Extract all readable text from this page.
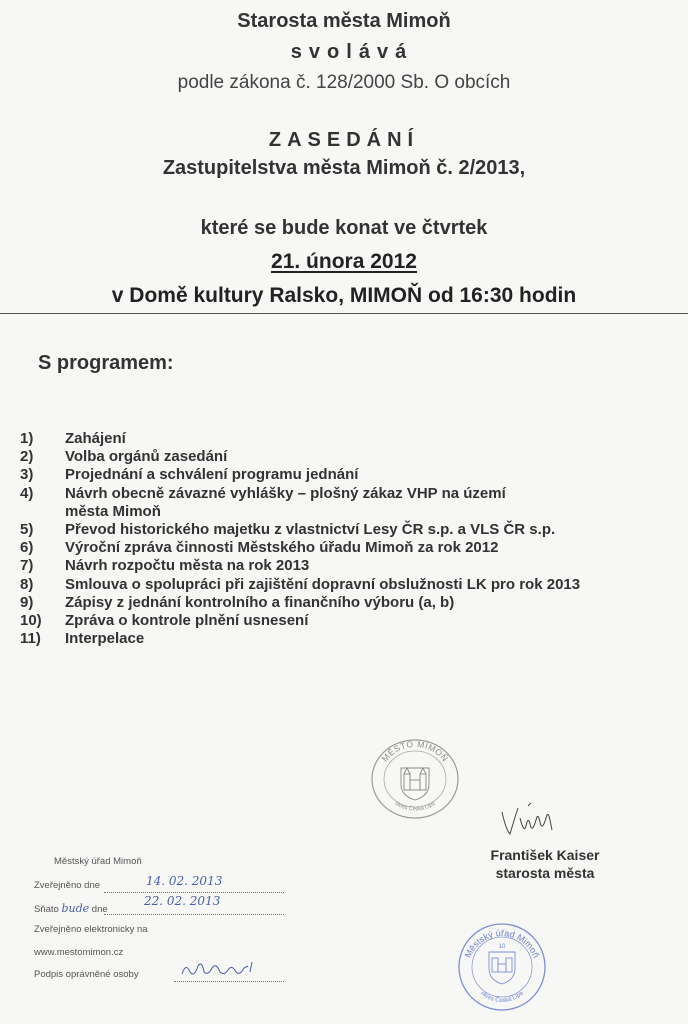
Starosta města Mimoň
svolává
podle zákona č. 128/2000 Sb. O obcích
ZASEDÁNÍ
Zastupitelstva města Mimoň č. 2/2013,
které se bude konat ve čtvrtek
21. února 2012
v Domě kultury Ralsko, MIMOŇ od 16:30 hodin
S programem:
1)	Zahájení
2)	Volba orgánů zasedání
3)	Projednání a schválení programu jednání
4)	Návrh obecně závazné vyhlášky – plošný zákaz VHP na území
města Mimoň
5)	Převod historického majetku z vlastnictví Lesy ČR s.p. a VLS ČR s.p.
6)	Výroční zpráva činnosti Městského úřadu Mimoň za rok 2012
7)	Návrh rozpočtu města na rok 2013
8)	Smlouva o spolupráci při zajištění dopravní obslužnosti LK pro rok 2013
9)	Zápisy z jednání kontrolního a finančního výboru (a, b)
10)	Zpráva o kontrole plnění usnesení
11)	Interpelace
MĚSTO MIMOŇ
okres Česká Lípa
František Kaiser
starosta města
Městský úřad Mimoň
Zveřejněno dne	14. 02. 2013
Sňato bude dne
22. 02. 2013
Zveřejněno elektronicky na
www.mestomimon.cz
Podpis oprávněné osoby
Městský úřad Mimoň
okres Česká Lípa
10
